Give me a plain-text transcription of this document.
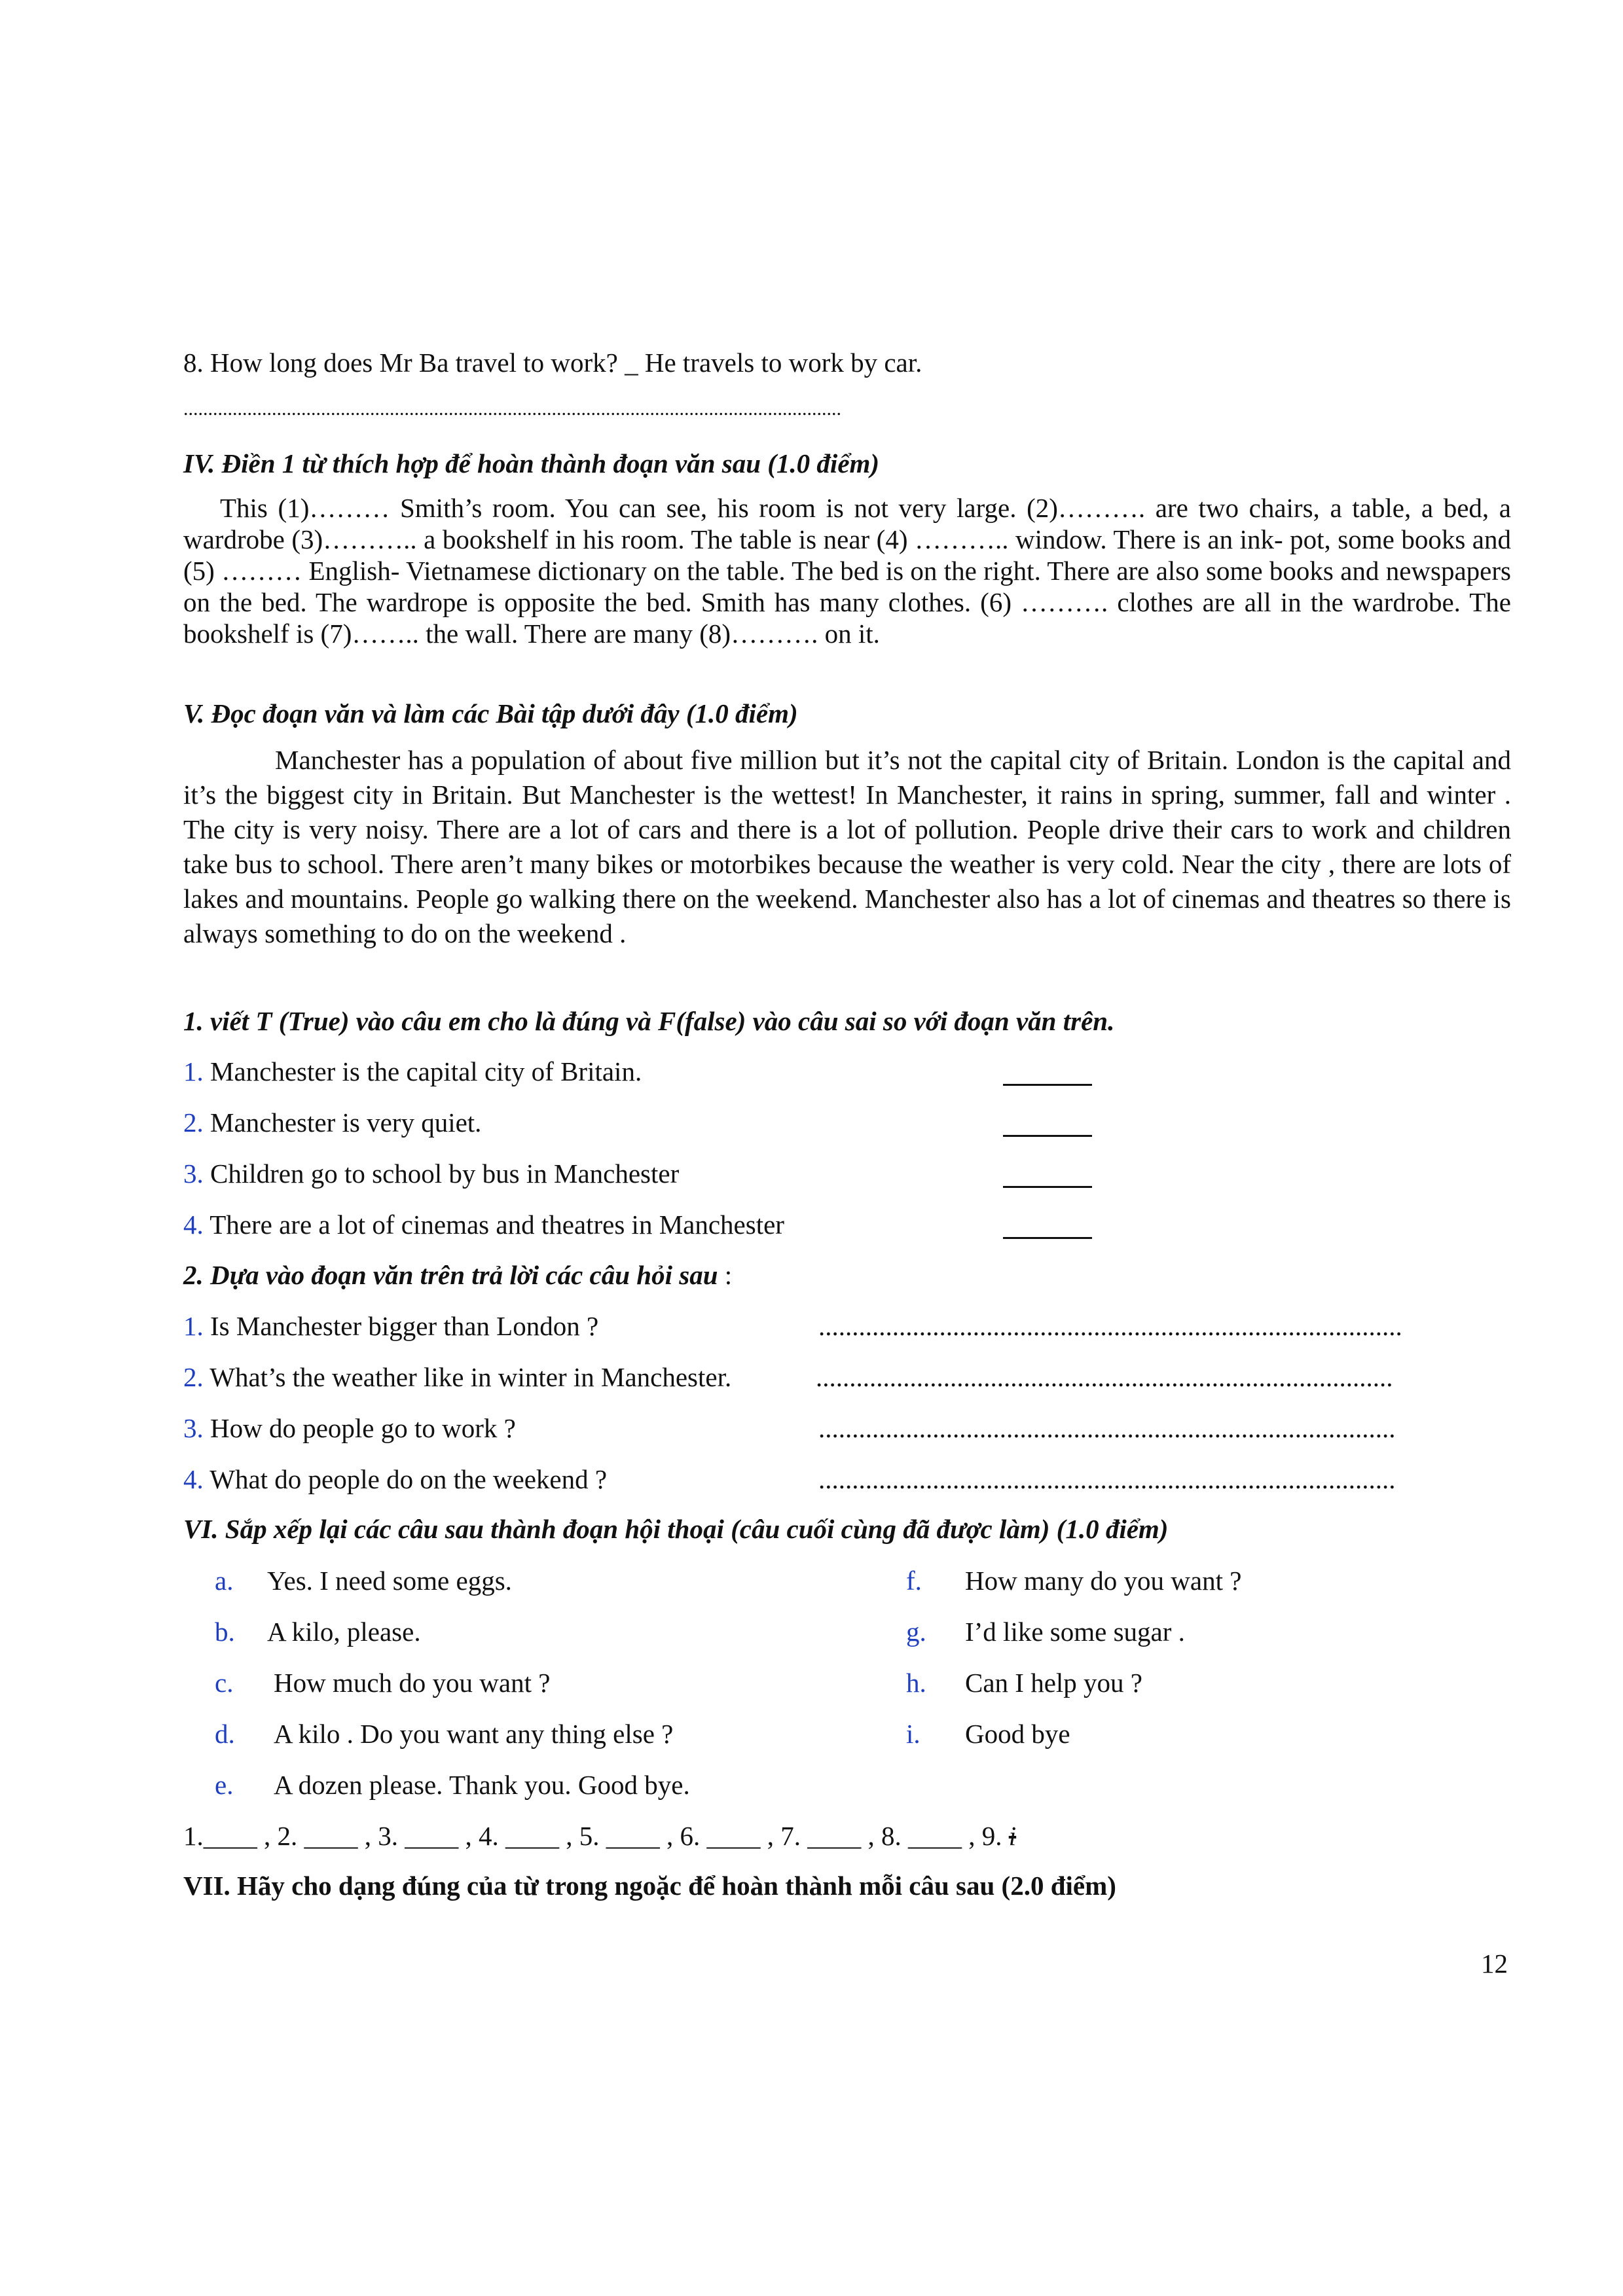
8. How long does Mr Ba travel to work? _ He travels to work by car.
......................................................................................................................................
IV. Điền 1 từ thích hợp để hoàn thành đoạn văn sau (1.0 điểm)
This (1)……… Smith’s room. You can see, his room is not very large. (2)………. are two chairs, a table, a bed, a wardrobe (3)……….. a bookshelf in his room. The table is near (4) ……….. window. There is an ink- pot, some books and (5) ……… English- Vietnamese dictionary on the table. The bed is on the right. There are also some books and newspapers on the bed. The wardrope is opposite the bed. Smith has many clothes. (6) ………. clothes are all in the wardrobe. The bookshelf is (7)…….. the wall. There are many (8)………. on it.
V. Đọc đoạn văn và làm các Bài tập dưới đây (1.0 điểm)
Manchester has a population of about five million but it’s not the capital city of Britain. London is the capital and it’s the biggest city in Britain. But Manchester is the wettest! In Manchester, it rains in spring, summer, fall and winter . The city is very noisy. There are a lot of cars and there is a lot of pollution. People drive their cars to work and children take bus to school. There aren’t many bikes or motorbikes because the weather is very cold. Near the city , there are lots of lakes and mountains. People go walking there on the weekend. Manchester also has a lot of cinemas and theatres so there is always something to do on the weekend .
1. viết T (True) vào câu em cho là đúng và F(false) vào câu sai so với đoạn văn trên.
1. Manchester is the capital city of Britain.
2. Manchester is very quiet.
3. Children go to school by bus in Manchester
4. There are a lot of cinemas and theatres in Manchester
2. Dựa vào đoạn văn trên trả lời các câu hỏi sau :
1. Is Manchester bigger than London ?	.......................................................................................
2. What’s the weather like in winter in Manchester.	......................................................................................
3. How do people go to work ?	......................................................................................
4. What do people do on the weekend ?	......................................................................................
VI. Sắp xếp lại các câu sau thành đoạn hội thoại (câu cuối cùng đã được làm) (1.0 điểm)
a. Yes. I need some eggs.
b. A kilo, please.
c. How much do you want ?
d. A kilo . Do you want any thing else ?
e. A dozen please. Thank you. Good bye.
f. How many do you want ?
g. I’d like some sugar .
h. Can I help you ?
i. Good bye
1.____ , 2. ____ , 3. ____ , 4. ____ , 5. ____ , 6. ____ , 7. ____ , 8. ____ , 9. i
VII. Hãy cho dạng đúng của từ trong ngoặc để hoàn thành mỗi câu sau (2.0 điểm)
12
